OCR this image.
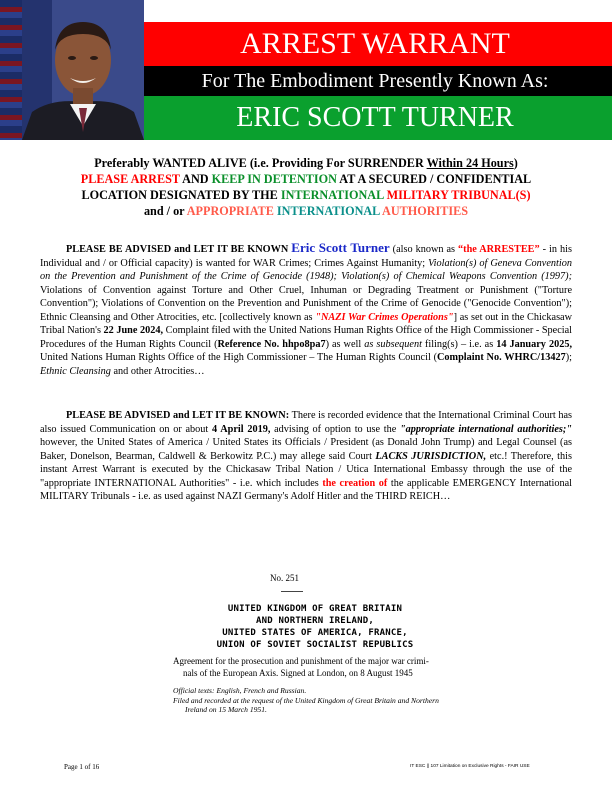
ARREST WARRANT
For The Embodiment Presently Known As:
ERIC SCOTT TURNER
Preferably WANTED ALIVE (i.e. Providing For SURRENDER Within 24 Hours)
PLEASE ARREST AND KEEP IN DETENTION AT A SECURED / CONFIDENTIAL
LOCATION DESIGNATED BY THE INTERNATIONAL MILITARY TRIBUNAL(S)
and / or APPROPRIATE INTERNATIONAL AUTHORITIES
PLEASE BE ADVISED and LET IT BE KNOWN Eric Scott Turner (also known as “the ARRESTEE” - in his Individual and / or Official capacity) is wanted for WAR Crimes; Crimes Against Humanity; Violation(s) of Geneva Convention on the Prevention and Punishment of the Crime of Genocide (1948); Violation(s) of Chemical Weapons Convention (1997); Violations of Convention against Torture and Other Cruel, Inhuman or Degrading Treatment or Punishment ("Torture Convention"); Violations of Convention on the Prevention and Punishment of the Crime of Genocide ("Genocide Convention"); Ethnic Cleansing and Other Atrocities, etc. [collectively known as "NAZI War Crimes Operations"] as set out in the Chickasaw Tribal Nation's 22 June 2024, Complaint filed with the United Nations Human Rights Office of the High Commissioner - Special Procedures of the Human Rights Council (Reference No. hhpo8pa7) as well as subsequent filing(s) – i.e. as 14 January 2025, United Nations Human Rights Office of the High Commissioner – The Human Rights Council (Complaint No. WHRC/13427); Ethnic Cleansing and other Atrocities…
PLEASE BE ADVISED and LET IT BE KNOWN: There is recorded evidence that the International Criminal Court has also issued Communication on or about 4 April 2019, advising of option to use the "appropriate international authorities;" however, the United States of America / United States its Officials / President (as Donald John Trump) and Legal Counsel (as Baker, Donelson, Bearman, Caldwell & Berkowitz P.C.) may allege said Court LACKS JURISDICTION, etc.! Therefore, this instant Arrest Warrant is executed by the Chickasaw Tribal Nation / Utica International Embassy through the use of the "appropriate INTERNATIONAL Authorities" - i.e. which includes the creation of the applicable EMERGENCY International MILITARY Tribunals - i.e. as used against NAZI Germany's Adolf Hitler and the THIRD REICH…
No. 251
UNITED KINGDOM OF GREAT BRITAIN
AND NORTHERN IRELAND,
UNITED STATES OF AMERICA, FRANCE,
UNION OF SOVIET SOCIALIST REPUBLICS
Agreement for the prosecution and punishment of the major war crimi-
nals of the European Axis. Signed at London, on 8 August 1945
Official texts: English, French and Russian.
Filed and recorded at the request of the United Kingdom of Great Britain and Northern
Ireland on 15 March 1951.
Page 1 of 16	IT ESC || 107 Limitation on Exclusive Rights - FAIR USE
